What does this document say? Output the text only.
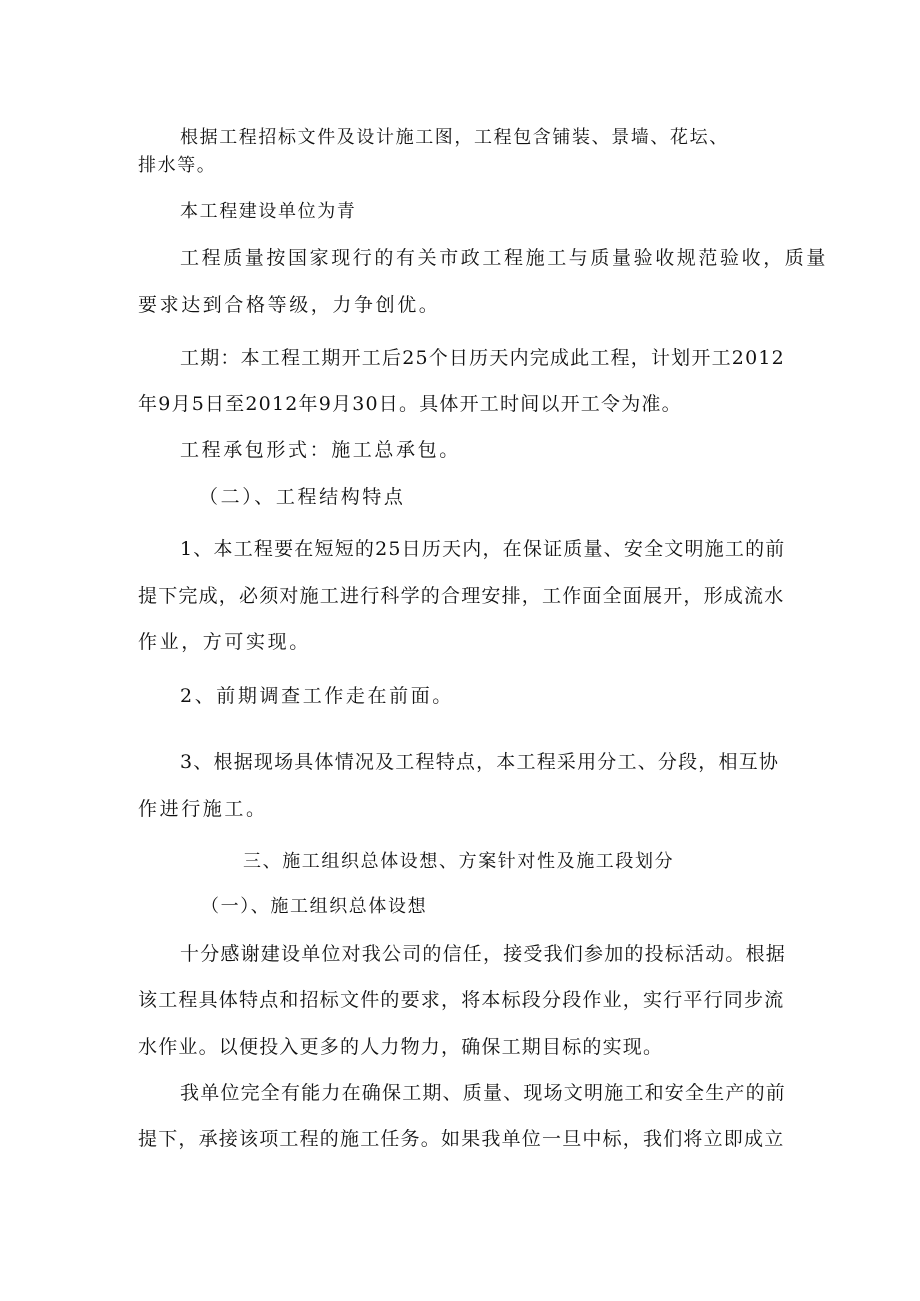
根据工程招标文件及设计施工图，工程包含铺装、景墙、花坛、

排水等。

本工程建设单位为青

工程质量按国家现行的有关市政工程施工与质量验收规范验收，质量

要求达到合格等级，力争创优。

工期：本工程工期开工后25个日历天内完成此工程，计划开工2012

年9月5日至2012年9月30日。具体开工时间以开工令为准。

工程承包形式：施工总承包。

（二）、工程结构特点

1、本工程要在短短的25日历天内，在保证质量、安全文明施工的前

提下完成，必须对施工进行科学的合理安排，工作面全面展开，形成流水

作业，方可实现。

2、前期调查工作走在前面。

3、根据现场具体情况及工程特点，本工程采用分工、分段，相互协

作进行施工。

三、施工组织总体设想、方案针对性及施工段划分

（一）、施工组织总体设想

十分感谢建设单位对我公司的信任，接受我们参加的投标活动。根据

该工程具体特点和招标文件的要求，将本标段分段作业，实行平行同步流

水作业。以便投入更多的人力物力，确保工期目标的实现。

我单位完全有能力在确保工期、质量、现场文明施工和安全生产的前

提下，承接该项工程的施工任务。如果我单位一旦中标，我们将立即成立
